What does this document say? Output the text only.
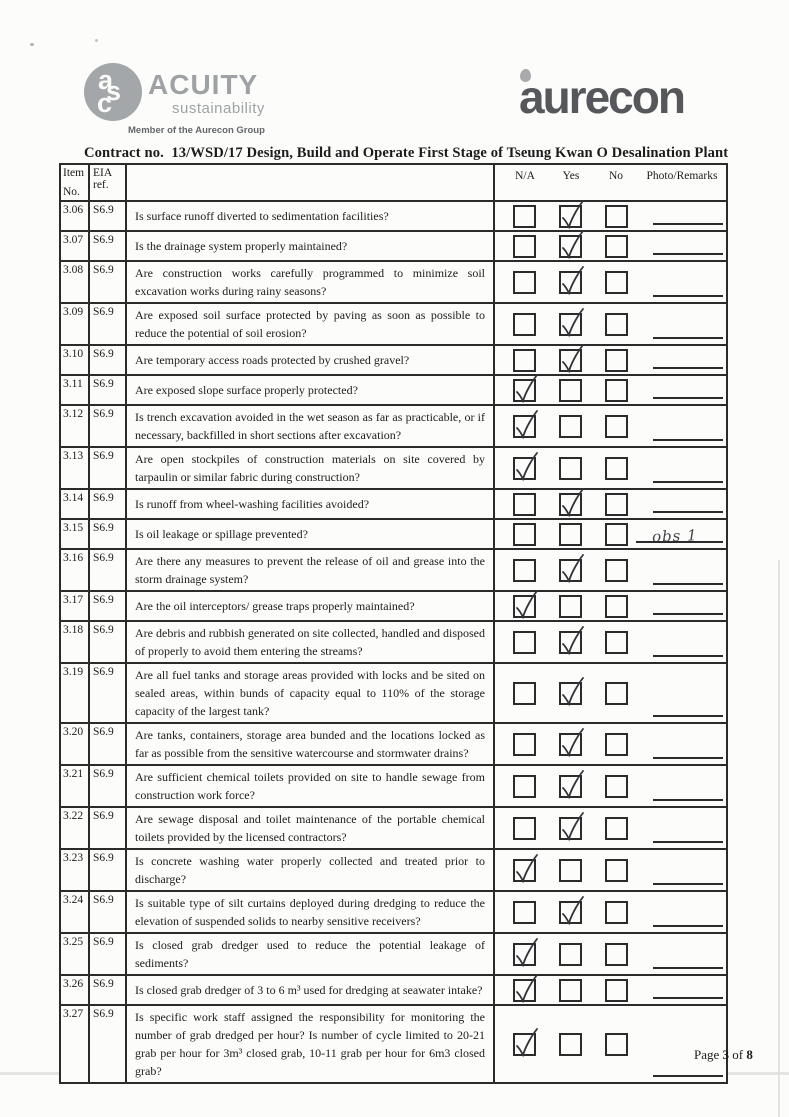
a
s
c
ACUITY
sustainability
Member of the Aurecon Group
aurecon
Contract no.  13/WSD/17 Design, Build and Operate First Stage of Tseung Kwan O Desalination Plant
Item
No.
EIA ref.
N/A	Yes	No	Photo/Remarks
3.06 S6.9	Is surface runoff diverted to sedimentation facilities?
3.07 S6.9	Is the drainage system properly maintained?
3.08 S6.9	Are construction works carefully programmed to minimize soil excavation works during rainy seasons?
3.09 S6.9	Are exposed soil surface protected by paving as soon as possible to reduce the potential of soil erosion?
3.10 S6.9	Are temporary access roads protected by crushed gravel?
3.11 S6.9	Are exposed slope surface properly protected?
3.12 S6.9	Is trench excavation avoided in the wet season as far as practicable, or if necessary, backfilled in short sections after excavation?
3.13 S6.9	Are open stockpiles of construction materials on site covered by tarpaulin or similar fabric during construction?
3.14 S6.9	Is runoff from wheel-washing facilities avoided?
3.15 S6.9	Is oil leakage or spillage prevented?	obs 1
3.16 S6.9	Are there any measures to prevent the release of oil and grease into the storm drainage system?
3.17 S6.9	Are the oil interceptors/ grease traps properly maintained?
3.18 S6.9	Are debris and rubbish generated on site collected, handled and disposed of properly to avoid them entering the streams?
3.19 S6.9	Are all fuel tanks and storage areas provided with locks and be sited on sealed areas, within bunds of capacity equal to 110% of the storage capacity of the largest tank?
3.20 S6.9	Are tanks, containers, storage area bunded and the locations locked as far as possible from the sensitive watercourse and stormwater drains?
3.21 S6.9	Are sufficient chemical toilets provided on site to handle sewage from construction work force?
3.22 S6.9	Are sewage disposal and toilet maintenance of the portable chemical toilets provided by the licensed contractors?
3.23 S6.9	Is concrete washing water properly collected and treated prior to discharge?
3.24 S6.9	Is suitable type of silt curtains deployed during dredging to reduce the elevation of suspended solids to nearby sensitive receivers?
3.25 S6.9	Is closed grab dredger used to reduce the potential leakage of sediments?
3.26 S6.9	Is closed grab dredger of 3 to 6 m³ used for dredging at seawater intake?
3.27 S6.9	Is specific work staff assigned the responsibility for monitoring the number of grab dredged per hour? Is number of cycle limited to 20-21 grab per hour for 3m³ closed grab, 10-11 grab per hour for 6m3 closed grab?
Page 3 of 8
